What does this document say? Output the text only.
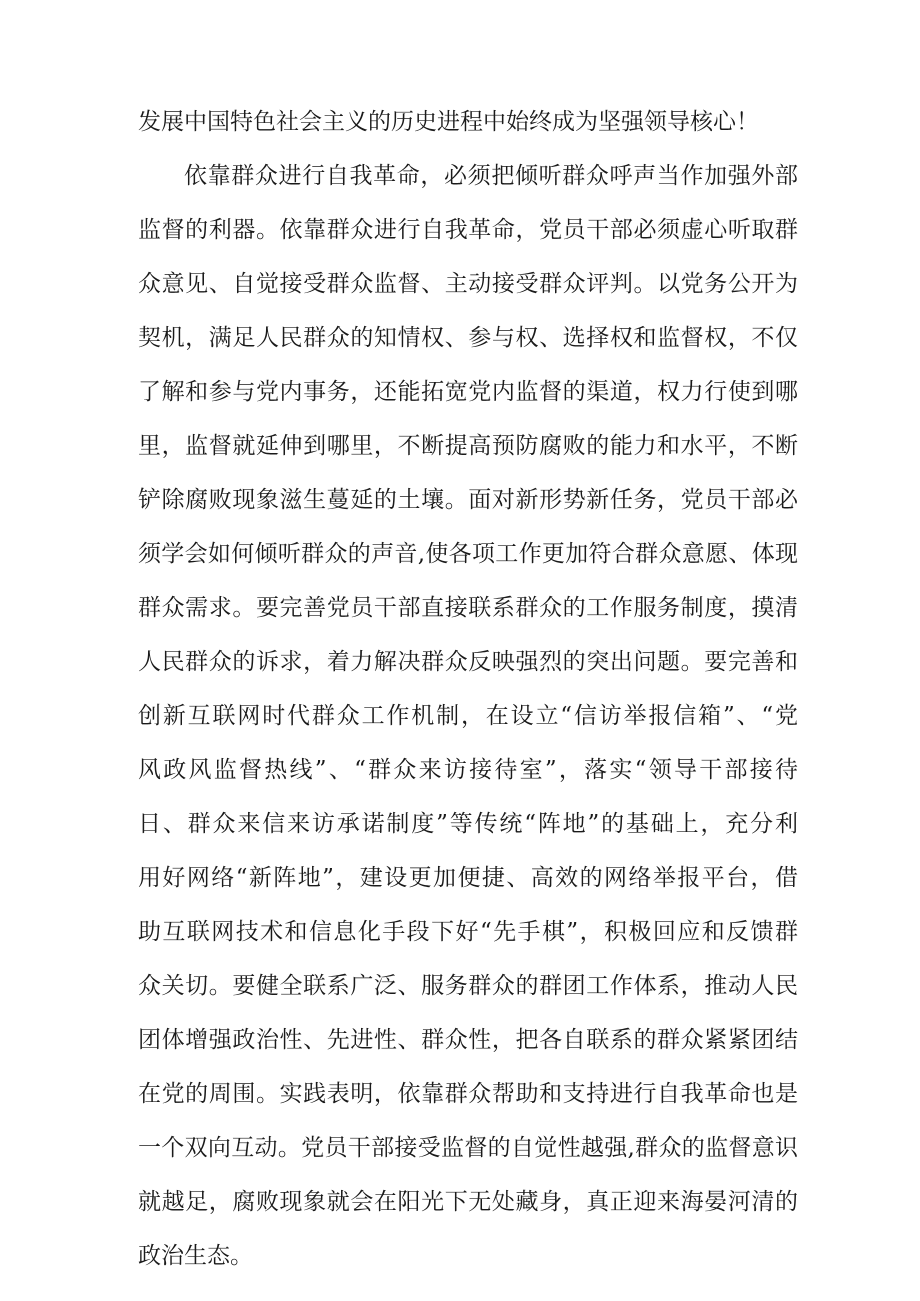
发展中国特色社会主义的历史进程中始终成为坚强领导核心！
依靠群众进行自我革命，必须把倾听群众呼声当作加强外部
监督的利器。依靠群众进行自我革命，党员干部必须虚心听取群
众意见、自觉接受群众监督、主动接受群众评判。以党务公开为
契机，满足人民群众的知情权、参与权、选择权和监督权，不仅
了解和参与党内事务，还能拓宽党内监督的渠道，权力行使到哪
里，监督就延伸到哪里，不断提高预防腐败的能力和水平，不断
铲除腐败现象滋生蔓延的土壤。面对新形势新任务，党员干部必
须学会如何倾听群众的声音,使各项工作更加符合群众意愿、体现
群众需求。要完善党员干部直接联系群众的工作服务制度，摸清
人民群众的诉求，着力解决群众反映强烈的突出问题。要完善和
创新互联网时代群众工作机制，在设立“信访举报信箱”、“党
风政风监督热线”、“群众来访接待室”，落实“领导干部接待
日、群众来信来访承诺制度”等传统“阵地”的基础上，充分利
用好网络“新阵地”，建设更加便捷、高效的网络举报平台，借
助互联网技术和信息化手段下好“先手棋”，积极回应和反馈群
众关切。要健全联系广泛、服务群众的群团工作体系，推动人民
团体增强政治性、先进性、群众性，把各自联系的群众紧紧团结
在党的周围。实践表明，依靠群众帮助和支持进行自我革命也是
一个双向互动。党员干部接受监督的自觉性越强,群众的监督意识
就越足，腐败现象就会在阳光下无处藏身，真正迎来海晏河清的
政治生态。
